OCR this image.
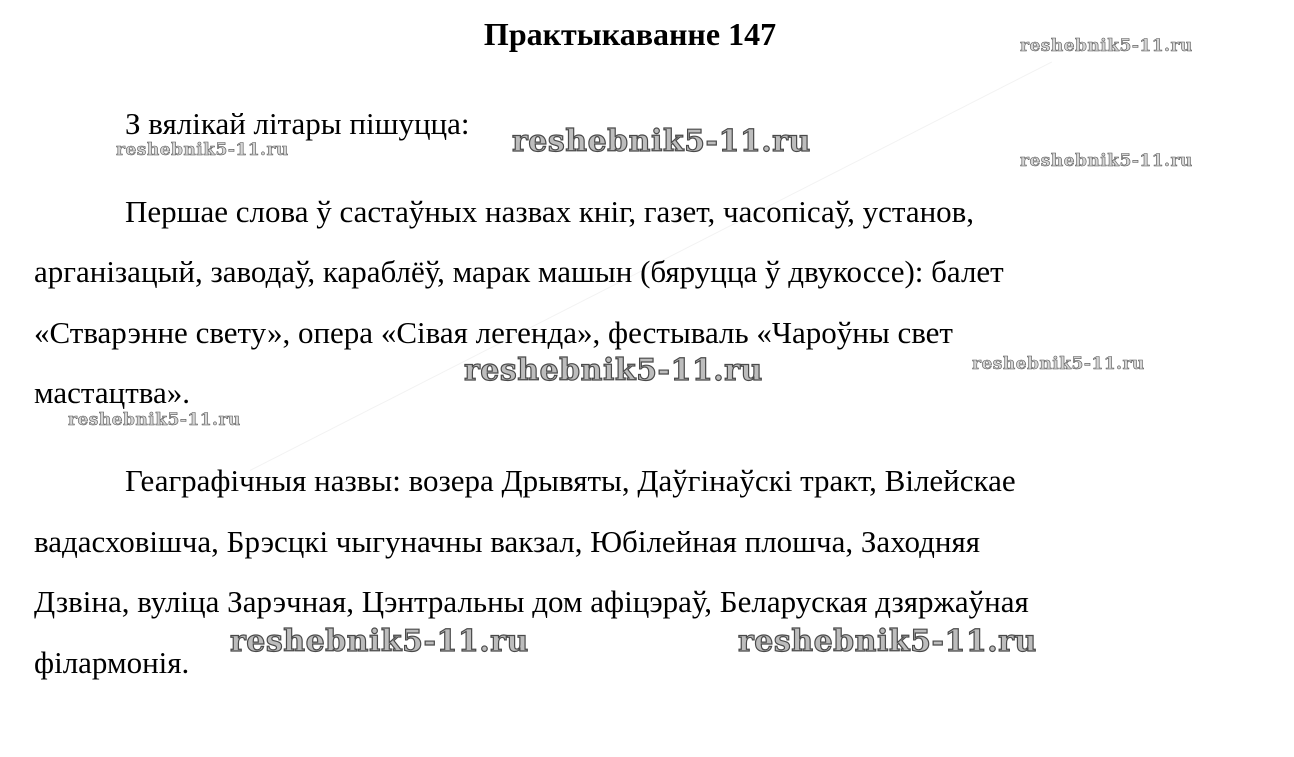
Практыкаванне 147
З вялікай літары пішуцца:
Першае слова ў састаўных назвах кніг, газет, часопісаў, установ,
арганізацый, заводаў, караблёў, марак машын (бяруцца ў двукоссе): балет
«Стварэнне свету», опера «Сівая легенда», фестываль «Чароўны свет
мастацтва».
Геаграфічныя назвы: возера Дрывяты, Даўгінаўскі тракт, Вілейскае
вадасховішча, Брэсцкі чыгуначны вакзал, Юбілейная плошча, Заходняя
Дзвіна, вуліца Зарэчная, Цэнтральны дом афіцэраў, Беларуская дзяржаўная
філармонія.
reshebnik5-11.ru
reshebnik5-11.ru	reshebnik5-11.ru
reshebnik5-11.ru
reshebnik5-11.ru	reshebnik5-11.ru
reshebnik5-11.ru
reshebnik5-11.ru	reshebnik5-11.ru
